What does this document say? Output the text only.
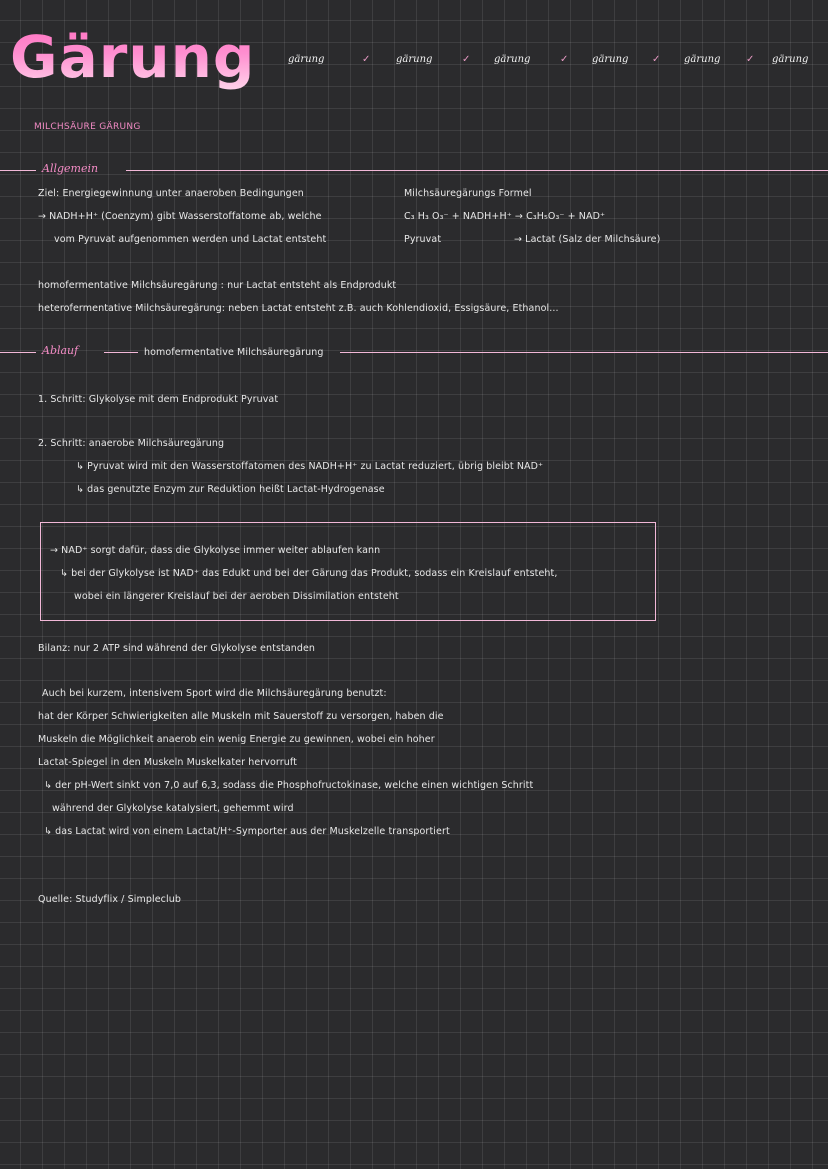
Gärung	gärung	✓	gärung	✓ gärung	✓ gärung ✓ gärung	✓ gärung
MILCHSÄURE GÄRUNG
Allgemein
Ziel: Energiegewinnung unter anaeroben Bedingungen
→ NADH+H⁺ (Coenzym) gibt Wasserstoffatome ab, welche
vom Pyruvat aufgenommen werden und Lactat entsteht
Milchsäuregärungs Formel
C₃ H₃ O₃⁻ + NADH+H⁺ → C₃H₅O₃⁻ + NAD⁺
Pyruvat	→ Lactat (Salz der Milchsäure)
homofermentative Milchsäuregärung : nur Lactat entsteht als Endprodukt
heterofermentative Milchsäuregärung: neben Lactat entsteht z.B. auch Kohlendioxid, Essigsäure, Ethanol...
Ablauf	homofermentative Milchsäuregärung
1. Schritt: Glykolyse mit dem Endprodukt Pyruvat
2. Schritt: anaerobe Milchsäuregärung
↳ Pyruvat wird mit den Wasserstoffatomen des NADH+H⁺ zu Lactat reduziert, übrig bleibt NAD⁺
↳ das genutzte Enzym zur Reduktion heißt Lactat-Hydrogenase
→ NAD⁺ sorgt dafür, dass die Glykolyse immer weiter ablaufen kann
↳ bei der Glykolyse ist NAD⁺ das Edukt und bei der Gärung das Produkt, sodass ein Kreislauf entsteht,
wobei ein längerer Kreislauf bei der aeroben Dissimilation entsteht
Bilanz: nur 2 ATP sind während der Glykolyse entstanden
Auch bei kurzem, intensivem Sport wird die Milchsäuregärung benutzt:
hat der Körper Schwierigkeiten alle Muskeln mit Sauerstoff zu versorgen, haben die
Muskeln die Möglichkeit anaerob ein wenig Energie zu gewinnen, wobei ein hoher
Lactat-Spiegel in den Muskeln Muskelkater hervorruft
↳ der pH-Wert sinkt von 7,0 auf 6,3, sodass die Phosphofructokinase, welche einen wichtigen Schritt
während der Glykolyse katalysiert, gehemmt wird
↳ das Lactat wird von einem Lactat/H⁺-Symporter aus der Muskelzelle transportiert
Quelle: Studyflix / Simpleclub
